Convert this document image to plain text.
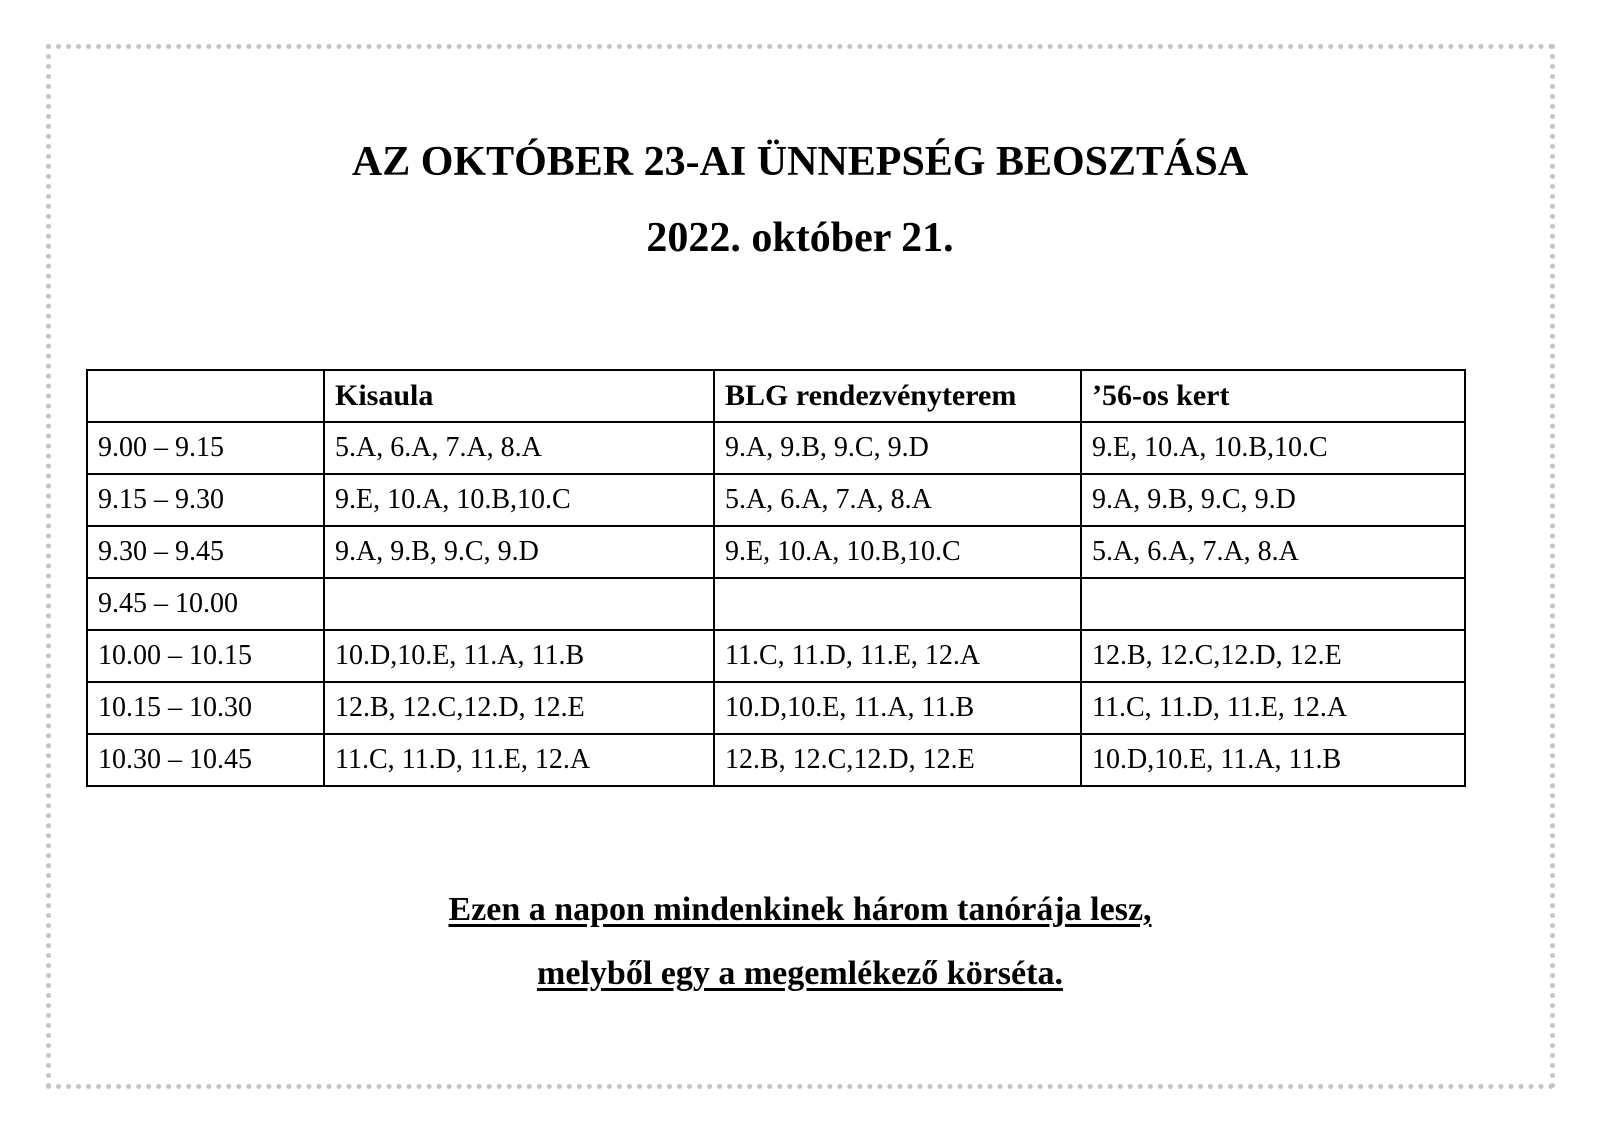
AZ OKTÓBER 23-AI ÜNNEPSÉG BEOSZTÁSA
2022. október 21.
	Kisaula	BLG rendezvényterem	’56-os kert
9.00 – 9.15	5.A, 6.A, 7.A, 8.A	9.A, 9.B, 9.C, 9.D	9.E, 10.A, 10.B,10.C
9.15 – 9.30	9.E, 10.A, 10.B,10.C	5.A, 6.A, 7.A, 8.A	9.A, 9.B, 9.C, 9.D
9.30 – 9.45	9.A, 9.B, 9.C, 9.D	9.E, 10.A, 10.B,10.C	5.A, 6.A, 7.A, 8.A
9.45 – 10.00			
10.00 – 10.15	10.D,10.E, 11.A, 11.B	11.C, 11.D, 11.E, 12.A	12.B, 12.C,12.D, 12.E
10.15 – 10.30	12.B, 12.C,12.D, 12.E	10.D,10.E, 11.A, 11.B	11.C, 11.D, 11.E, 12.A
10.30 – 10.45	11.C, 11.D, 11.E, 12.A	12.B, 12.C,12.D, 12.E	10.D,10.E, 11.A, 11.B

Ezen a napon mindenkinek három tanórája lesz,

melyből egy a megemlékező körséta.
